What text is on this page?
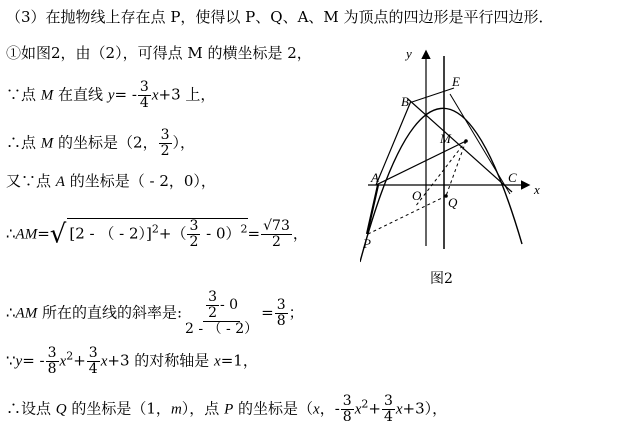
（3）在抛物线上存在点 P，使得以 P、Q、A、M 为顶点的四边形是平行四边形．
①如图2，由（2），可得点 M 的横坐标是 2，
∵点 M 在直线 $y= - \frac{3}{4} x+3$ 上，
∴点 M 的坐标是（2， $\frac{3}{2}$ ），
又∵点 A 的坐标是（ - 2，0），
∴AM=√ [2 - （ - $2)]^2+( \frac{3}{2} - 0)^2= \frac{√73}{2}$ ，
∴AM 所在的直线的斜率是: $\frac{\frac{3}{2} - 0}{2 - ( - 2)} = \frac{3}{8}$ ；
∵y= - $\frac{3}{8} x^2+ \frac{3}{4} x+3$ 的对称轴是 x=1，
∴设点 Q 的坐标是（1，m），点 P 的坐标是（x，- $\frac{3}{8} x^2+ \frac{3}{4} x+3$），
y
x
E
B
M
A
O
C
Q
P
图2
